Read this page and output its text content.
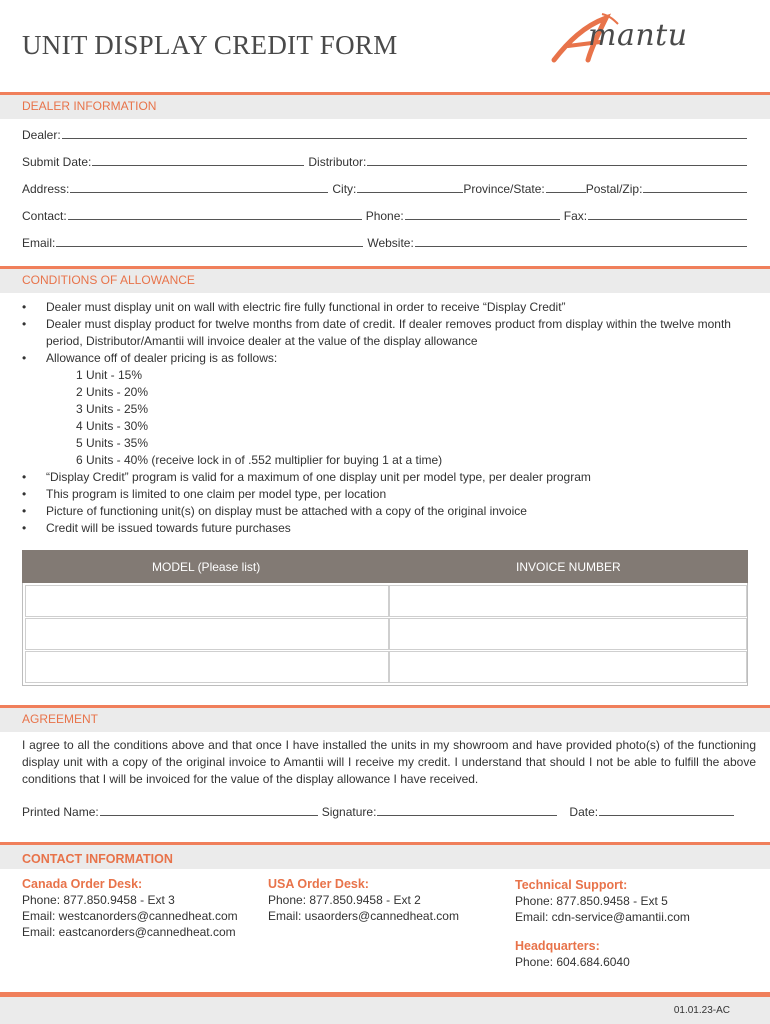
UNIT DISPLAY CREDIT FORM	mantu
DEALER INFORMATION
Dealer:
Submit Date:	Distributor:
Address:	City:	Province/State:	Postal/Zip:
Contact:	Phone:	Fax:
Email:	Website:
CONDITIONS OF ALLOWANCE
• Dealer must display unit on wall with electric fire fully functional in order to receive “Display Credit”
• Dealer must display product for twelve months from date of credit. If dealer removes product from display within the twelve month period, Distributor/Amantii will invoice dealer at the value of the display allowance
• Allowance off of dealer pricing is as follows:
1 Unit - 15%
2 Units - 20%
3 Units - 25%
4 Units - 30%
5 Units - 35%
6 Units - 40% (receive lock in of .552 multiplier for buying 1 at a time)
• “Display Credit” program is valid for a maximum of one display unit per model type, per dealer program
• This program is limited to one claim per model type, per location
• Picture of functioning unit(s) on display must be attached with a copy of the original invoice
• Credit will be issued towards future purchases
MODEL (Please list)	INVOICE NUMBER
AGREEMENT
I agree to all the conditions above and that once I have installed the units in my showroom and have provided photo(s) of the functioning display unit with a copy of the original invoice to Amantii will I receive my credit. I understand that should I not be able to fulfill the above conditions that I will be invoiced for the value of the display allowance I have received.
Printed Name:	Signature:	Date:
CONTACT INFORMATION
Canada Order Desk:
Phone: 877.850.9458 - Ext 3
Email: westcanorders@cannedheat.com
Email: eastcanorders@cannedheat.com
USA Order Desk:
Phone: 877.850.9458 - Ext 2
Email: usaorders@cannedheat.com
Technical Support:
Phone: 877.850.9458 - Ext 5
Email: cdn-service@amantii.com
Headquarters:
Phone: 604.684.6040
01.01.23-AC
